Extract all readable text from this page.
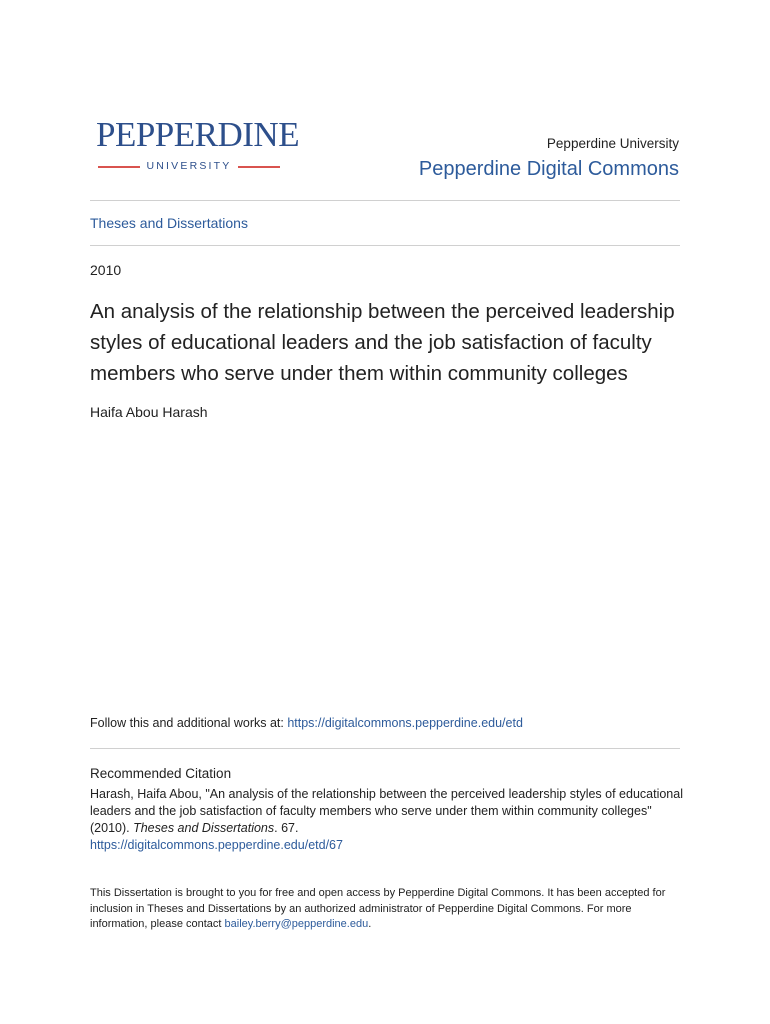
PEPPERDINE
UNIVERSITY
Pepperdine University
Pepperdine Digital Commons
Theses and Dissertations
2010
An analysis of the relationship between the perceived leadership styles of educational leaders and the job satisfaction of faculty members who serve under them within community colleges
Haifa Abou Harash
Follow this and additional works at: https://digitalcommons.pepperdine.edu/etd
Recommended Citation
Harash, Haifa Abou, "An analysis of the relationship between the perceived leadership styles of educational leaders and the job satisfaction of faculty members who serve under them within community colleges" (2010). Theses and Dissertations. 67.
https://digitalcommons.pepperdine.edu/etd/67
This Dissertation is brought to you for free and open access by Pepperdine Digital Commons. It has been accepted for inclusion in Theses and Dissertations by an authorized administrator of Pepperdine Digital Commons. For more information, please contact bailey.berry@pepperdine.edu.
